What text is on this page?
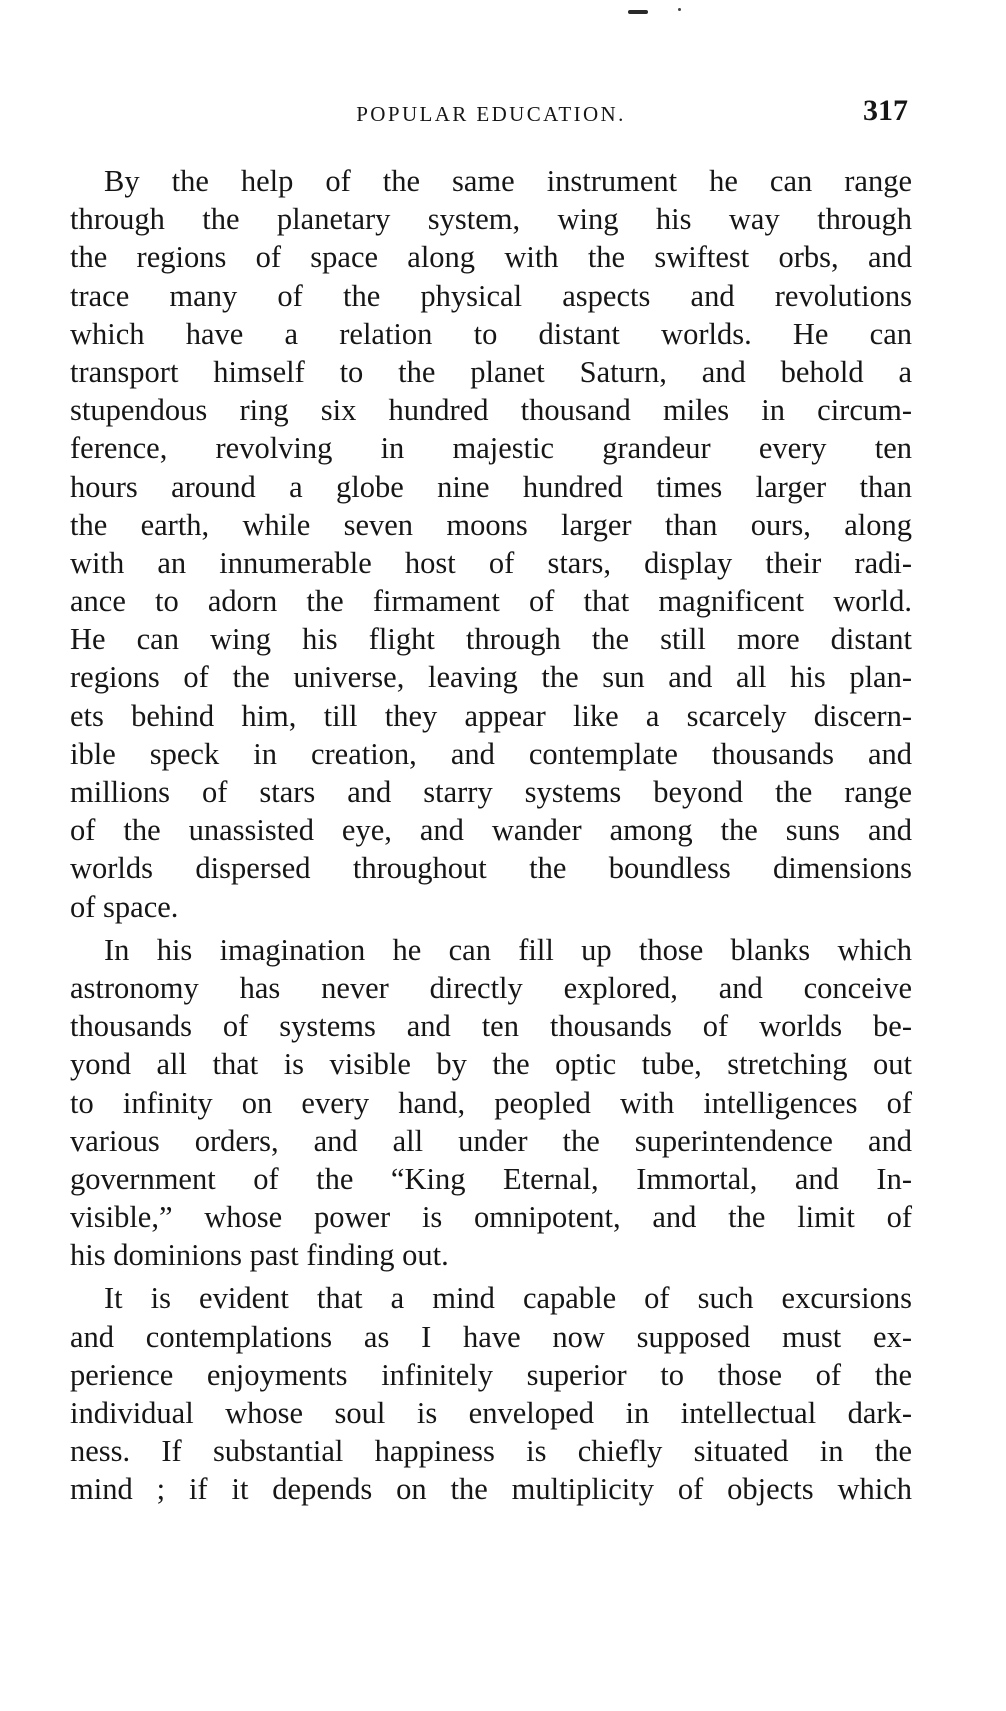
POPULAR EDUCATION.	317
By the help of the same instrument he can range
through the planetary system, wing his way through
the regions of space along with the swiftest orbs, and
trace many of the physical aspects and revolutions
which have a relation to distant worlds. He can
transport himself to the planet Saturn, and behold a
stupendous ring six hundred thousand miles in circum-
ference, revolving in majestic grandeur every ten
hours around a globe nine hundred times larger than
the earth, while seven moons larger than ours, along
with an innumerable host of stars, display their radi-
ance to adorn the firmament of that magnificent world.
He can wing his flight through the still more distant
regions of the universe, leaving the sun and all his plan-
ets behind him, till they appear like a scarcely discern-
ible speck in creation, and contemplate thousands and
millions of stars and starry systems beyond the range
of the unassisted eye, and wander among the suns and
worlds dispersed throughout the boundless dimensions
of space.
In his imagination he can fill up those blanks which
astronomy has never directly explored, and conceive
thousands of systems and ten thousands of worlds be-
yond all that is visible by the optic tube, stretching out
to infinity on every hand, peopled with intelligences of
various orders, and all under the superintendence and
government of the “King Eternal, Immortal, and In-
visible,” whose power is omnipotent, and the limit of
his dominions past finding out.
It is evident that a mind capable of such excursions
and contemplations as I have now supposed must ex-
perience enjoyments infinitely superior to those of the
individual whose soul is enveloped in intellectual dark-
ness. If substantial happiness is chiefly situated in the
mind ; if it depends on the multiplicity of objects which
